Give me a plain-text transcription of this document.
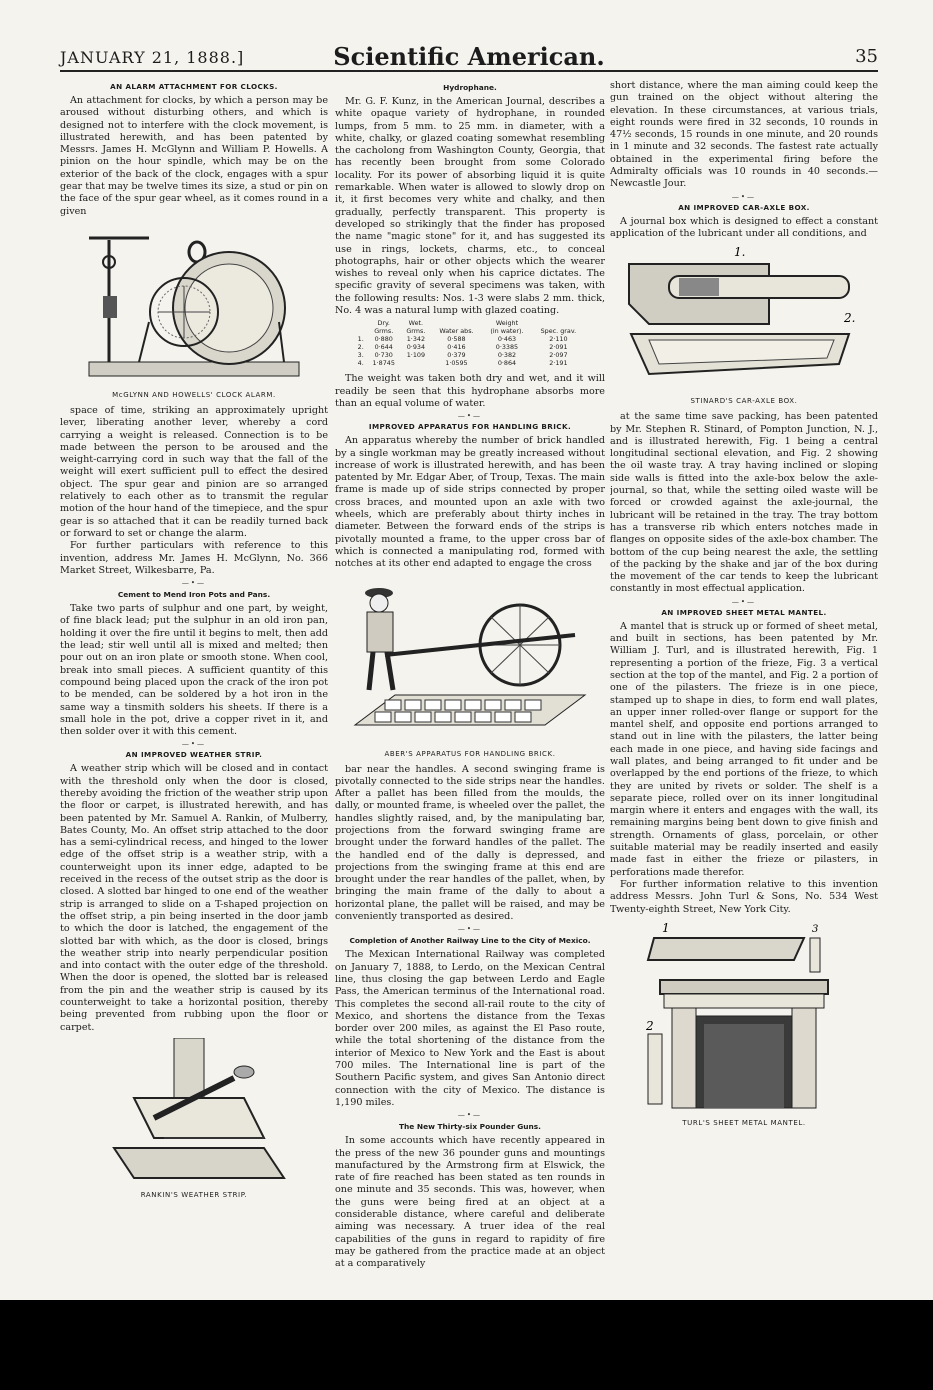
JANUARY 21, 1888.]	Scientific American.	35
AN ALARM ATTACHMENT FOR CLOCKS.

An attachment for clocks, by which a person may be aroused without disturbing others, and which is designed not to interfere with the clock movement, is illustrated herewith, and has been patented by Messrs. James H. McGlynn and William P. Howells. A pinion on the hour spindle, which may be on the exterior of the back of the clock, engages with a spur gear that may be twelve times its size, a stud or pin on the face of the spur gear wheel, as it comes round in a given

McGLYNN AND HOWELLS' CLOCK ALARM.

space of time, striking an approximately upright lever, liberating another lever, whereby a cord carrying a weight is released. Connection is to be made between the person to be aroused and the weight-carrying cord in such way that the fall of the weight will exert sufficient pull to effect the desired object. The spur gear and pinion are so arranged relatively to each other as to transmit the regular motion of the hour hand of the timepiece, and the spur gear is so attached that it can be readily turned back or forward to set or change the alarm.

For further particulars with reference to this invention, address Mr. James H. McGlynn, No. 366 Market Street, Wilkesbarre, Pa.

—•—
Cement to Mend Iron Pots and Pans.

Take two parts of sulphur and one part, by weight, of fine black lead; put the sulphur in an old iron pan, holding it over the fire until it begins to melt, then add the lead; stir well until all is mixed and melted; then pour out on an iron plate or smooth stone. When cool, break into small pieces. A sufficient quantity of this compound being placed upon the crack of the iron pot to be mended, can be soldered by a hot iron in the same way a tinsmith solders his sheets. If there is a small hole in the pot, drive a copper rivet in it, and then solder over it with this cement.

—•—
AN IMPROVED WEATHER STRIP.

A weather strip which will be closed and in contact with the threshold only when the door is closed, thereby avoiding the friction of the weather strip upon the floor or carpet, is illustrated herewith, and has been patented by Mr. Samuel A. Rankin, of Mulberry, Bates County, Mo. An offset strip attached to the door has a semi-cylindrical recess, and hinged to the lower edge of the offset strip is a weather strip, with a counterweight upon its inner edge, adapted to be received in the recess of the outset strip as the door is closed. A slotted bar hinged to one end of the weather strip is arranged to slide on a T-shaped projection on the offset strip, a pin being inserted in the door jamb to which the door is latched, the engagement of the slotted bar with which, as the door is closed, brings the weather strip into nearly perpendicular position and into contact with the outer edge of the threshold. When the door is opened, the slotted bar is released from the pin and the weather strip is caused by its counterweight to take a horizontal position, thereby being prevented from rubbing upon the floor or carpet.

RANKIN'S WEATHER STRIP.
Hydrophane.

Mr. G. F. Kunz, in the American Journal, describes a white opaque variety of hydrophane, in rounded lumps, from 5 mm. to 25 mm. in diameter, with a white, chalky, or glazed coating somewhat resembling the cacholong from Washington County, Georgia, that has recently been brought from some Colorado locality. For its power of absorbing liquid it is quite remarkable. When water is allowed to slowly drop on it, it first becomes very white and chalky, and then gradually, perfectly transparent. This property is developed so strikingly that the finder has proposed the name "magic stone" for it, and has suggested its use in rings, lockets, charms, etc., to conceal photographs, hair or other objects which the wearer wishes to reveal only when his caprice dictates. The specific gravity of several specimens was taken, with the following results: Nos. 1-3 were slabs 2 mm. thick, No. 4 was a natural lump with glazed coating.

	Dry.	Wet.		Weight	
	Grms.	Grms.	Water abs.	(in water).	Spec. grav.
1.	0·880	1·342	0·588	0·463	2·110
2.	0·644	0·934	0·416	0·3385	2·091
3.	0·730	1·109	0·379	0·382	2·097
4.	1·8745		1·0595	0·864	2·191

The weight was taken both dry and wet, and it will readily be seen that this hydrophane absorbs more than an equal volume of water.

—•—
IMPROVED APPARATUS FOR HANDLING BRICK.

An apparatus whereby the number of brick handled by a single workman may be greatly increased without increase of work is illustrated herewith, and has been patented by Mr. Edgar Aber, of Troup, Texas. The main frame is made up of side strips connected by proper cross braces, and mounted upon an axle with two wheels, which are preferably about thirty inches in diameter. Between the forward ends of the strips is pivotally mounted a frame, to the upper cross bar of which is connected a manipulating rod, formed with notches at its other end adapted to engage the cross

ABER'S APPARATUS FOR HANDLING BRICK.

bar near the handles. A second swinging frame is pivotally connected to the side strips near the handles. After a pallet has been filled from the moulds, the dally, or mounted frame, is wheeled over the pallet, the handles slightly raised, and, by the manipulating bar, projections from the forward swinging frame are brought under the forward handles of the pallet. The the handled end of the dally is depressed, and projections from the swinging frame at this end are brought under the rear handles of the pallet, when, by bringing the main frame of the dally to about a horizontal plane, the pallet will be raised, and may be conveniently transported as desired.

—•—
Completion of Another Railway Line to the City of Mexico.

The Mexican International Railway was completed on January 7, 1888, to Lerdo, on the Mexican Central line, thus closing the gap between Lerdo and Eagle Pass, the American terminus of the International road. This completes the second all-rail route to the city of Mexico, and shortens the distance from the Texas border over 200 miles, as against the El Paso route, while the total shortening of the distance from the interior of Mexico to New York and the East is about 700 miles. The International line is part of the Southern Pacific system, and gives San Antonio direct connection with the city of Mexico. The distance is 1,190 miles.

—•—
The New Thirty-six Pounder Guns.

In some accounts which have recently appeared in the press of the new 36 pounder guns and mountings manufactured by the Armstrong firm at Elswick, the rate of fire reached has been stated as ten rounds in one minute and 35 seconds. This was, however, when the guns were being fired at an object at a considerable distance, where careful and deliberate aiming was necessary. A truer idea of the real capabilities of the guns in regard to rapidity of fire may be gathered from the practice made at an object at a comparatively

short distance, where the man aiming could keep the gun trained on the object without altering the elevation. In these circumstances, at various trials, eight rounds were fired in 32 seconds, 10 rounds in 47½ seconds, 15 rounds in one minute, and 20 rounds in 1 minute and 32 seconds. The fastest rate actually obtained in the experimental firing before the Admiralty officials was 10 rounds in 40 seconds.—Newcastle Jour.

—•—
AN IMPROVED CAR-AXLE BOX.

A journal box which is designed to effect a constant application of the lubricant under all conditions, and

1.
2.
STINARD'S CAR-AXLE BOX.

at the same time save packing, has been patented by Mr. Stephen R. Stinard, of Pompton Junction, N. J., and is illustrated herewith, Fig. 1 being a central longitudinal sectional elevation, and Fig. 2 showing the oil waste tray. A tray having inclined or sloping side walls is fitted into the axle-box below the axle-journal, so that, while the setting oiled waste will be forced or crowded against the axle-journal, the lubricant will be retained in the tray. The tray bottom has a transverse rib which enters notches made in flanges on opposite sides of the axle-box chamber. The bottom of the cup being nearest the axle, the settling of the packing by the shake and jar of the box during the movement of the car tends to keep the lubricant constantly in most effectual application.

—•—
AN IMPROVED SHEET METAL MANTEL.

A mantel that is struck up or formed of sheet metal, and built in sections, has been patented by Mr. William J. Turl, and is illustrated herewith, Fig. 1 representing a portion of the frieze, Fig. 3 a vertical section at the top of the mantel, and Fig. 2 a portion of one of the pilasters. The frieze is in one piece, stamped up to shape in dies, to form end wall plates, an upper inner rolled-over flange or support for the mantel shelf, and opposite end portions arranged to stand out in line with the pilasters, the latter being each made in one piece, and having side facings and wall plates, and being arranged to fit under and be overlapped by the end portions of the frieze, to which they are united by rivets or solder. The shelf is a separate piece, rolled over on its inner longitudinal margin where it enters and engages with the wall, its remaining margins being bent down to give finish and strength. Ornaments of glass, porcelain, or other suitable material may be readily inserted and easily made fast in either the frieze or pilasters, in perforations made therefor.

For further information relative to this invention address Messrs. John Turl & Sons, No. 534 West Twenty-eighth Street, New York City.

1	3
2
TURL'S SHEET METAL MANTEL.
